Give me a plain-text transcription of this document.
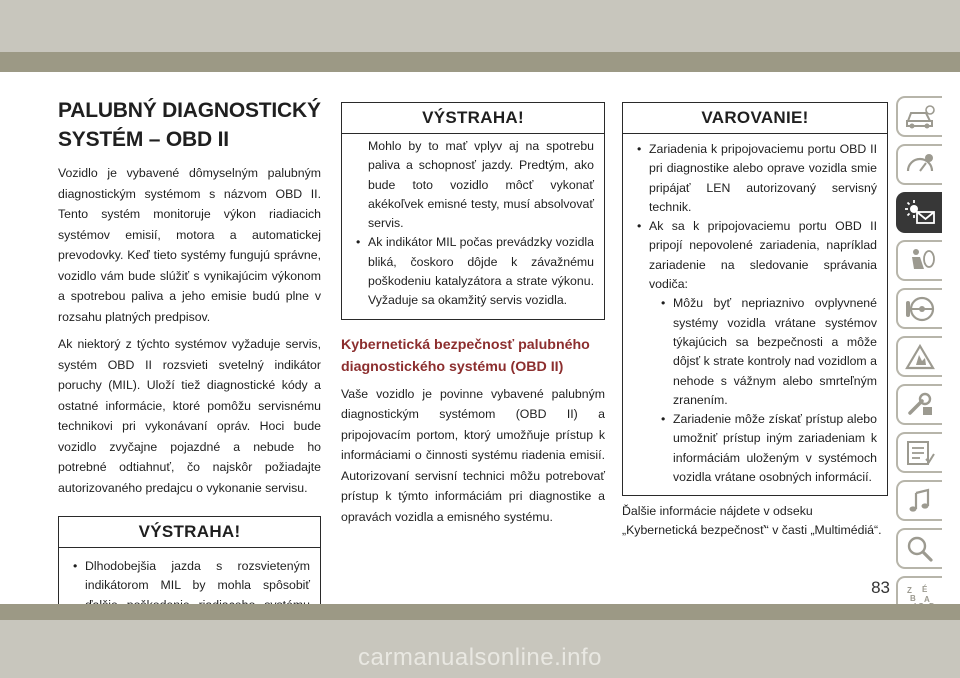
PALUBNÝ DIAGNOSTICKÝ
SYSTÉM – OBD II

Vozidlo je vybavené dômyselným palubným diagnostickým systémom s názvom OBD II. Tento systém monitoruje výkon riadiacich systémov emisií, motora a automatickej prevodovky. Keď tieto systémy fungujú správne, vozidlo vám bude slúžiť s vynikajúcim výkonom a spotrebou paliva a jeho emisie budú plne v rozsahu platných predpisov.

Ak niektorý z týchto systémov vyžaduje servis, systém OBD II rozsvieti svetelný indikátor poruchy (MIL). Uloží tiež diagnostické kódy a ostatné informácie, ktoré pomôžu servisnému technikovi pri vykonávaní opráv. Hoci bude vozidlo zvyčajne pojazdné a nebude ho potrebné odtiahnuť, čo najskôr požiadajte autorizovaného predajcu o vykonanie servisu.

VÝSTRAHA!
• Dlhodobejšia jazda s rozsvieteným indikátorom MIL by mohla spôsobiť
VÝSTRAHA!
Mohlo by to mať vplyv aj na spotrebu paliva a schopnosť jazdy. Predtým, ako bude toto vozidlo môcť vykonať akékoľvek emisné testy, musí absolvovať servis.
• Ak indikátor MIL počas prevádzky vozidla bliká, čoskoro dôjde k závažnému poškodeniu katalyzátora a strate výkonu. Vyžaduje sa okamžitý servis vozidla.
Kybernetická bezpečnosť palubného diagnostického systému (OBD II)

Vaše vozidlo je povinne vybavené palubným diagnostickým systémom (OBD II) a pripojovacím portom, ktorý umožňuje prístup k informáciami o činnosti systému riadenia emisií. Autorizovaní servisní technici môžu potrebovať prístup k týmto informáciám pri diagnostike a opravách vozidla a emisného systému.

VAROVANIE!
• Zariadenia k pripojovaciemu portu OBD II pri diagnostike alebo oprave vozidla smie pripájať LEN autorizovaný servisný technik.
• Ak sa k pripojovaciemu portu OBD II pripojí nepovolené zariadenia, napríklad zariadenie na sledovanie správania vodiča:
• Môžu byť nepriaznivo ovplyvnené systémy vozidla vrátane systémov týkajúcich sa bezpečnosti a môže dôjsť k strate kontroly nad vozidlom a nehode s vážnym alebo smrteľným zranením.
• Zariadenie môže získať prístup alebo umožniť prístup iným zariadeniam k informáciám uloženým v systémoch vozidla vrátane osobných informácií.

Ďalšie informácie nájdete v odseku „Kybernetická bezpečnosť“ v časti „Multimédiá“.

Z É
B A
83
carmanualsonline.info
